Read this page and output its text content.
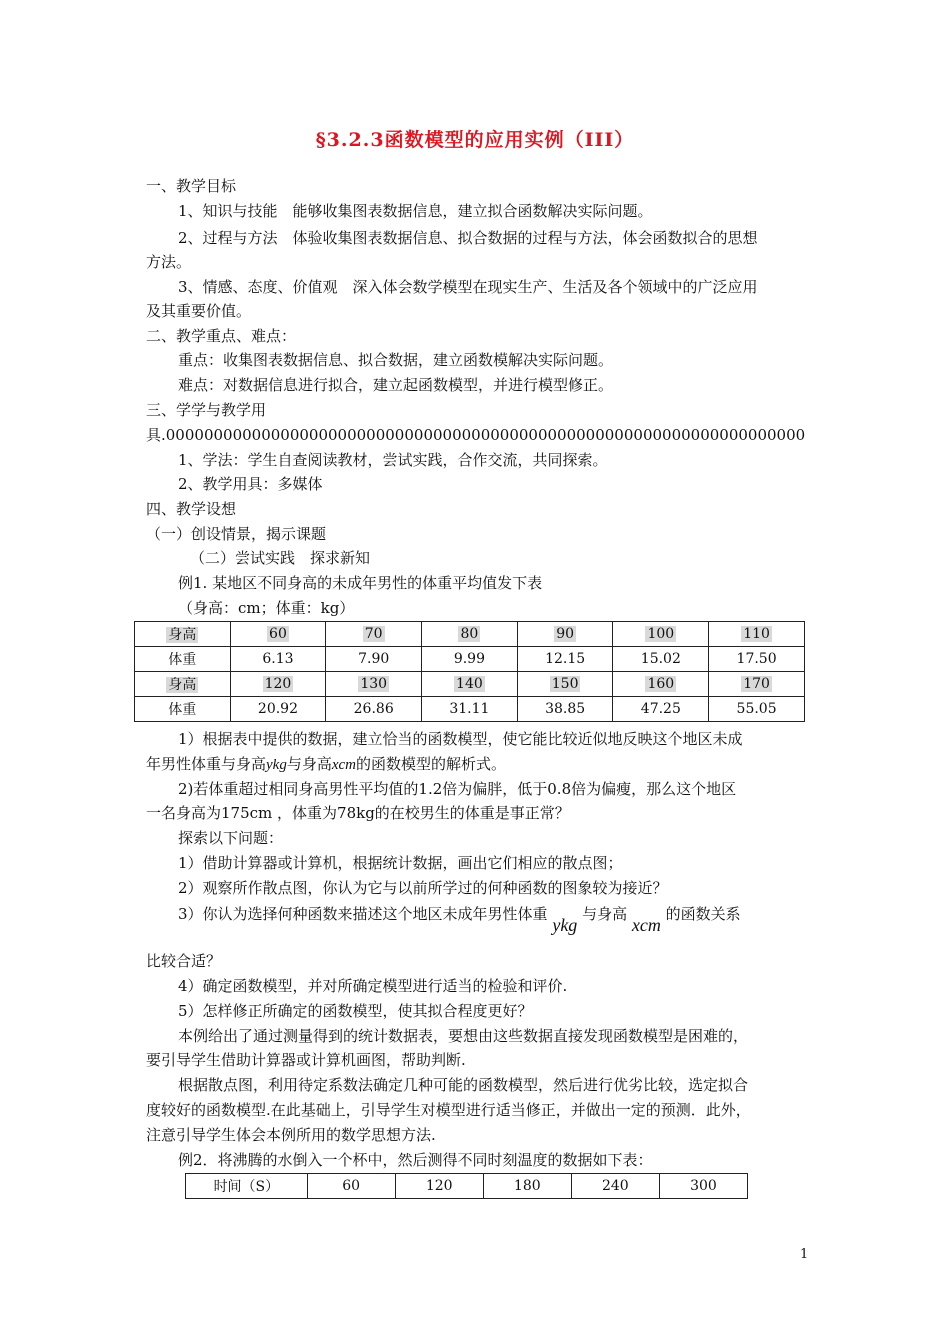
§3.2.3函数模型的应用实例（III）
一、教学目标
1、知识与技能　能够收集图表数据信息，建立拟合函数解决实际问题。
2、过程与方法　体验收集图表数据信息、拟合数据的过程与方法，体会函数拟合的思想
方法。
3、情感、态度、价值观　深入体会数学模型在现实生产、生活及各个领域中的广泛应用
及其重要价值。
二、教学重点、难点：
重点：收集图表数据信息、拟合数据，建立函数模解决实际问题。
难点：对数据信息进行拟合，建立起函数模型，并进行模型修正。
三、学学与教学用
具.0000000000000000000000000000000000000000000000000000000000000000000
1、学法：学生自查阅读教材，尝试实践，合作交流，共同探索。
2、教学用具：多媒体
四、教学设想
（一）创设情景，揭示课题
（二）尝试实践　探求新知
例1. 某地区不同身高的未成年男性的体重平均值发下表
（身高：cm；体重：kg）
身高	60	70	80	90	100	110
体重	6.13	7.90	9.99	12.15	15.02	17.50
身高	120	130	140	150	160	170
体重	20.92	26.86	31.11	38.85	47.25	55.05
1）根据表中提供的数据，建立恰当的函数模型，使它能比较近似地反映这个地区未成
年男性体重与身高ykg与身高xcm的函数模型的解析式。
2)若体重超过相同身高男性平均值的1.2倍为偏胖，低于0.8倍为偏瘦，那么这个地区
一名身高为175cm ，体重为78kg的在校男生的体重是事正常？
探索以下问题：
1）借助计算器或计算机，根据统计数据，画出它们相应的散点图；
2）观察所作散点图，你认为它与以前所学过的何种函数的图象较为接近？
3）你认为选择何种函数来描述这个地区未成年男性体重 ykg 与身高 xcm 的函数关系
比较合适？
4）确定函数模型，并对所确定模型进行适当的检验和评价.
5）怎样修正所确定的函数模型，使其拟合程度更好？
本例给出了通过测量得到的统计数据表，要想由这些数据直接发现函数模型是困难的，
要引导学生借助计算器或计算机画图，帮助判断.
根据散点图，利用待定系数法确定几种可能的函数模型，然后进行优劣比较，选定拟合
度较好的函数模型.在此基础上，引导学生对模型进行适当修正，并做出一定的预测．此外，
注意引导学生体会本例所用的数学思想方法.
例2．将沸腾的水倒入一个杯中，然后测得不同时刻温度的数据如下表：
时间（S）	60	120	180	240	300
1
